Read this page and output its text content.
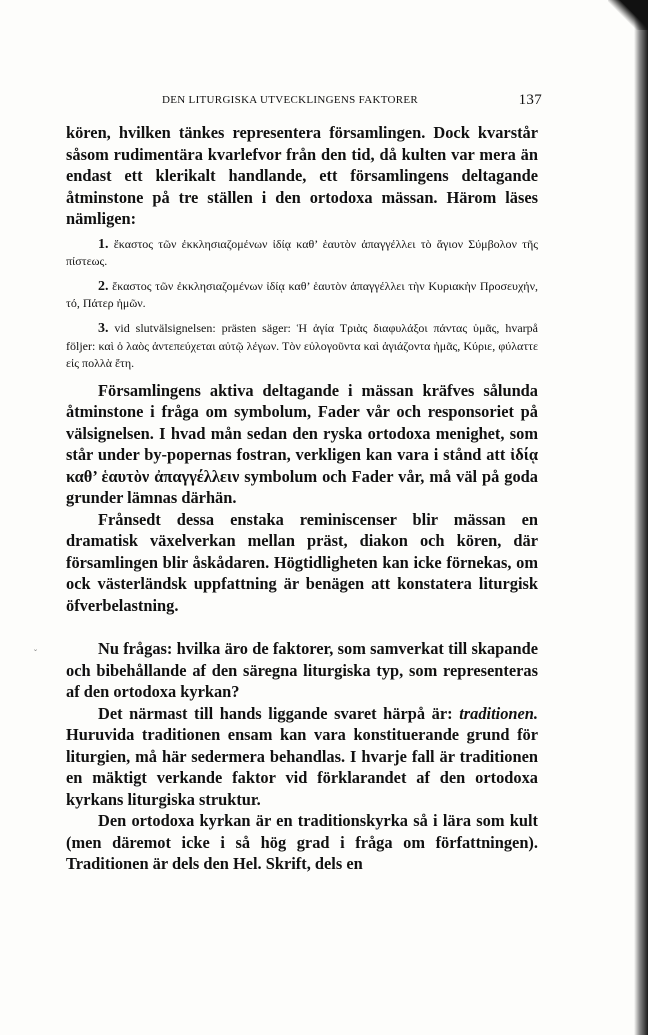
DEN LITURGISKA UTVECKLINGENS FAKTORER	137
˘

kören, hvilken tänkes representera församlingen. Dock kvarstår såsom rudimentära kvarlefvor från den tid, då kulten var mera än endast ett klerikalt handlande, ett församlingens deltagande åtminstone på tre ställen i den ortodoxa mässan. Härom läses nämligen:

1. ἕκαστος τῶν ἐκκλησιαζομένων ἰδίᾳ καθ’ ἑαυτὸν ἀπαγγέλλει τὸ ἅγιον Σύμβολον τῆς πίστεως.

2. ἕκαστος τῶν ἐκκλησιαζομένων ἰδίᾳ καθ’ ἑαυτὸν ἀπαγγέλλει τὴν Κυριακὴν Προσευχήν, τό, Πάτερ ἡμῶν.

3. vid slutvälsignelsen: prästen säger: Ἡ ἁγία Τριὰς διαφυλάξοι πάντας ὑμᾶς, hvarpå följer: καὶ ὁ λαὸς ἀντεπεύχεται αὐτῷ λέγων. Τὸν εὐλογοῦντα καὶ ἁγιάζοντα ἡμᾶς, Κύριε, φύλαττε εἰς πολλὰ ἔτη.

Församlingens aktiva deltagande i mässan kräfves sålunda åtminstone i fråga om symbolum, Fader vår och responsoriet på välsignelsen. I hvad mån sedan den ryska ortodoxa menighet, som står under by-popernas fostran, verkligen kan vara i stånd att ἰδίᾳ καθ’ ἑαυτὸν ἀπαγγέλλειν symbolum och Fader vår, må väl på goda grunder lämnas därhän.

Frånsedt dessa enstaka reminiscenser blir mässan en dramatisk växelverkan mellan präst, diakon och kören, där församlingen blir åskådaren. Högtidligheten kan icke förnekas, om ock västerländsk uppfattning är benägen att konstatera liturgisk öfverbelastning.

Nu frågas: hvilka äro de faktorer, som samverkat till skapande och bibehållande af den säregna liturgiska typ, som representeras af den ortodoxa kyrkan?

Det närmast till hands liggande svaret härpå är: traditionen. Huruvida traditionen ensam kan vara konstituerande grund för liturgien, må här sedermera behandlas. I hvarje fall är traditionen en mäktigt verkande faktor vid förklarandet af den ortodoxa kyrkans liturgiska struktur.

Den ortodoxa kyrkan är en traditionskyrka så i lära som kult (men däremot icke i så hög grad i fråga om författningen). Traditionen är dels den Hel. Skrift, dels en
